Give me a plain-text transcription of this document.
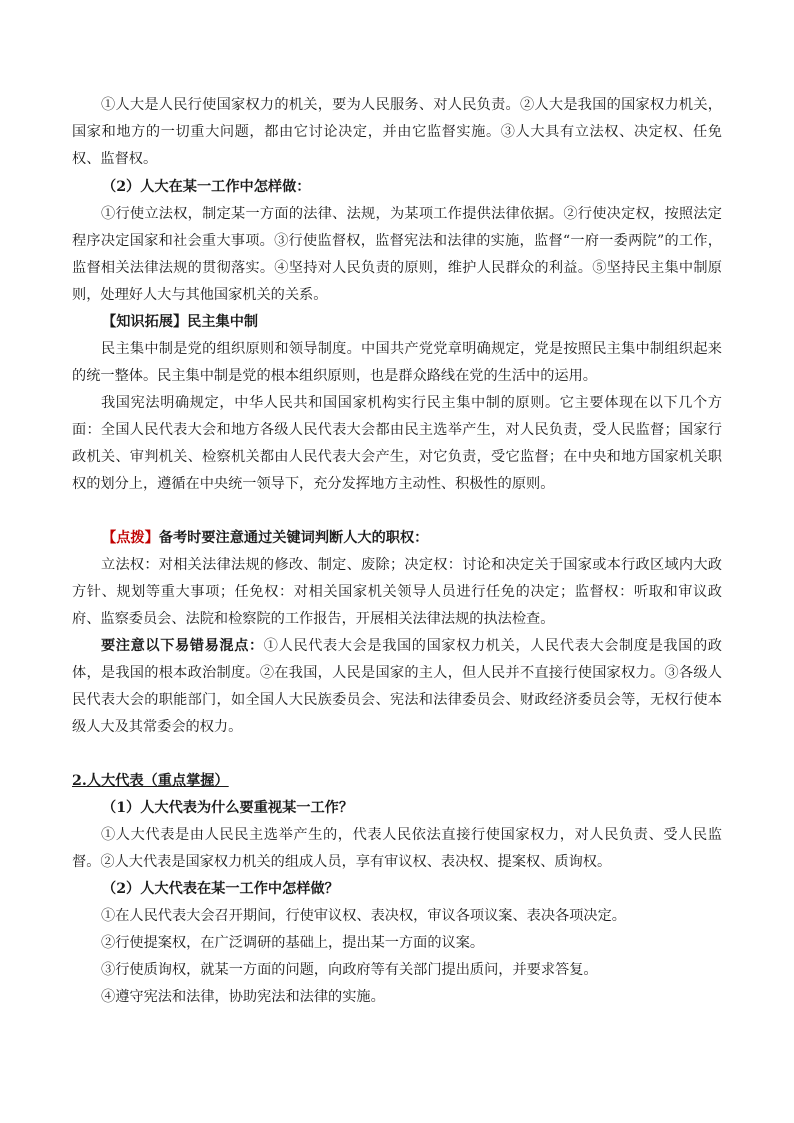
①人大是人民行使国家权力的机关，要为人民服务、对人民负责。②人大是我国的国家权力机关，国家和地方的一切重大问题，都由它讨论决定，并由它监督实施。③人大具有立法权、决定权、任免权、监督权。

（2）人大在某一工作中怎样做：

①行使立法权，制定某一方面的法律、法规，为某项工作提供法律依据。②行使决定权，按照法定程序决定国家和社会重大事项。③行使监督权，监督宪法和法律的实施，监督“一府一委两院”的工作，监督相关法律法规的贯彻落实。④坚持对人民负责的原则，维护人民群众的利益。⑤坚持民主集中制原则，处理好人大与其他国家机关的关系。

【知识拓展】民主集中制

民主集中制是党的组织原则和领导制度。中国共产党党章明确规定，党是按照民主集中制组织起来的统一整体。民主集中制是党的根本组织原则，也是群众路线在党的生活中的运用。

我国宪法明确规定，中华人民共和国国家机构实行民主集中制的原则。它主要体现在以下几个方面：全国人民代表大会和地方各级人民代表大会都由民主选举产生，对人民负责，受人民监督；国家行政机关、审判机关、检察机关都由人民代表大会产生，对它负责，受它监督；在中央和地方国家机关职权的划分上，遵循在中央统一领导下，充分发挥地方主动性、积极性的原则。

【点拨】备考时要注意通过关键词判断人大的职权：

立法权：对相关法律法规的修改、制定、废除；决定权：讨论和决定关于国家或本行政区域内大政方针、规划等重大事项；任免权：对相关国家机关领导人员进行任免的决定；监督权：听取和审议政府、监察委员会、法院和检察院的工作报告，开展相关法律法规的执法检查。

要注意以下易错易混点：①人民代表大会是我国的国家权力机关，人民代表大会制度是我国的政体，是我国的根本政治制度。②在我国，人民是国家的主人，但人民并不直接行使国家权力。③各级人民代表大会的职能部门，如全国人大民族委员会、宪法和法律委员会、财政经济委员会等，无权行使本级人大及其常委会的权力。

2.人大代表（重点掌握）

（1）人大代表为什么要重视某一工作？

①人大代表是由人民民主选举产生的，代表人民依法直接行使国家权力，对人民负责、受人民监督。②人大代表是国家权力机关的组成人员，享有审议权、表决权、提案权、质询权。

（2）人大代表在某一工作中怎样做？

①在人民代表大会召开期间，行使审议权、表决权，审议各项议案、表决各项决定。

②行使提案权，在广泛调研的基础上，提出某一方面的议案。

③行使质询权，就某一方面的问题，向政府等有关部门提出质问，并要求答复。

④遵守宪法和法律，协助宪法和法律的实施。
